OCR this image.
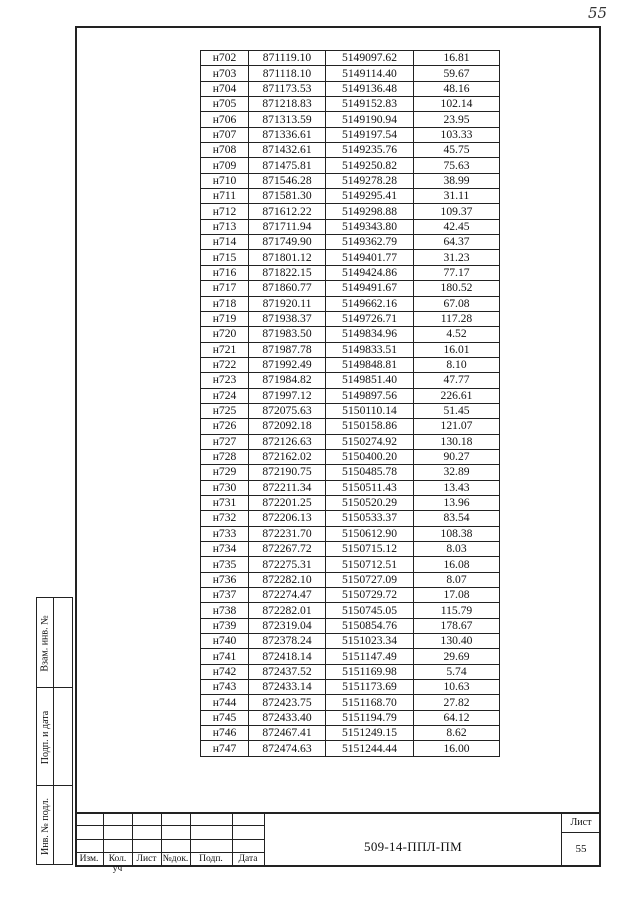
55
н702	871119.10	5149097.62	16.81
н703	871118.10	5149114.40	59.67
н704	871173.53	5149136.48	48.16
н705	871218.83	5149152.83	102.14
н706	871313.59	5149190.94	23.95
н707	871336.61	5149197.54	103.33
н708	871432.61	5149235.76	45.75
н709	871475.81	5149250.82	75.63
н710	871546.28	5149278.28	38.99
н711	871581.30	5149295.41	31.11
н712	871612.22	5149298.88	109.37
н713	871711.94	5149343.80	42.45
н714	871749.90	5149362.79	64.37
н715	871801.12	5149401.77	31.23
н716	871822.15	5149424.86	77.17
н717	871860.77	5149491.67	180.52
н718	871920.11	5149662.16	67.08
н719	871938.37	5149726.71	117.28
н720	871983.50	5149834.96	4.52
н721	871987.78	5149833.51	16.01
н722	871992.49	5149848.81	8.10
н723	871984.82	5149851.40	47.77
н724	871997.12	5149897.56	226.61
н725	872075.63	5150110.14	51.45
н726	872092.18	5150158.86	121.07
н727	872126.63	5150274.92	130.18
н728	872162.02	5150400.20	90.27
н729	872190.75	5150485.78	32.89
н730	872211.34	5150511.43	13.43
н731	872201.25	5150520.29	13.96
н732	872206.13	5150533.37	83.54
н733	872231.70	5150612.90	108.38
н734	872267.72	5150715.12	8.03
н735	872275.31	5150712.51	16.08
н736	872282.10	5150727.09	8.07
н737	872274.47	5150729.72	17.08
н738	872282.01	5150745.05	115.79
н739	872319.04	5150854.76	178.67
н740	872378.24	5151023.34	130.40
н741	872418.14	5151147.49	29.69
н742	872437.52	5151169.98	5.74
н743	872433.14	5151173.69	10.63
н744	872423.75	5151168.70	27.82
н745	872433.40	5151194.79	64.12
н746	872467.41	5151249.15	8.62
н747	872474.63	5151244.44	16.00
Взам. инв. №
Подп. и дата
Инв. № подл.
Изм.	Кол. уч
Лист №док.	Подп.	Дата
509-14-ППЛ-ПМ
Лист
55
